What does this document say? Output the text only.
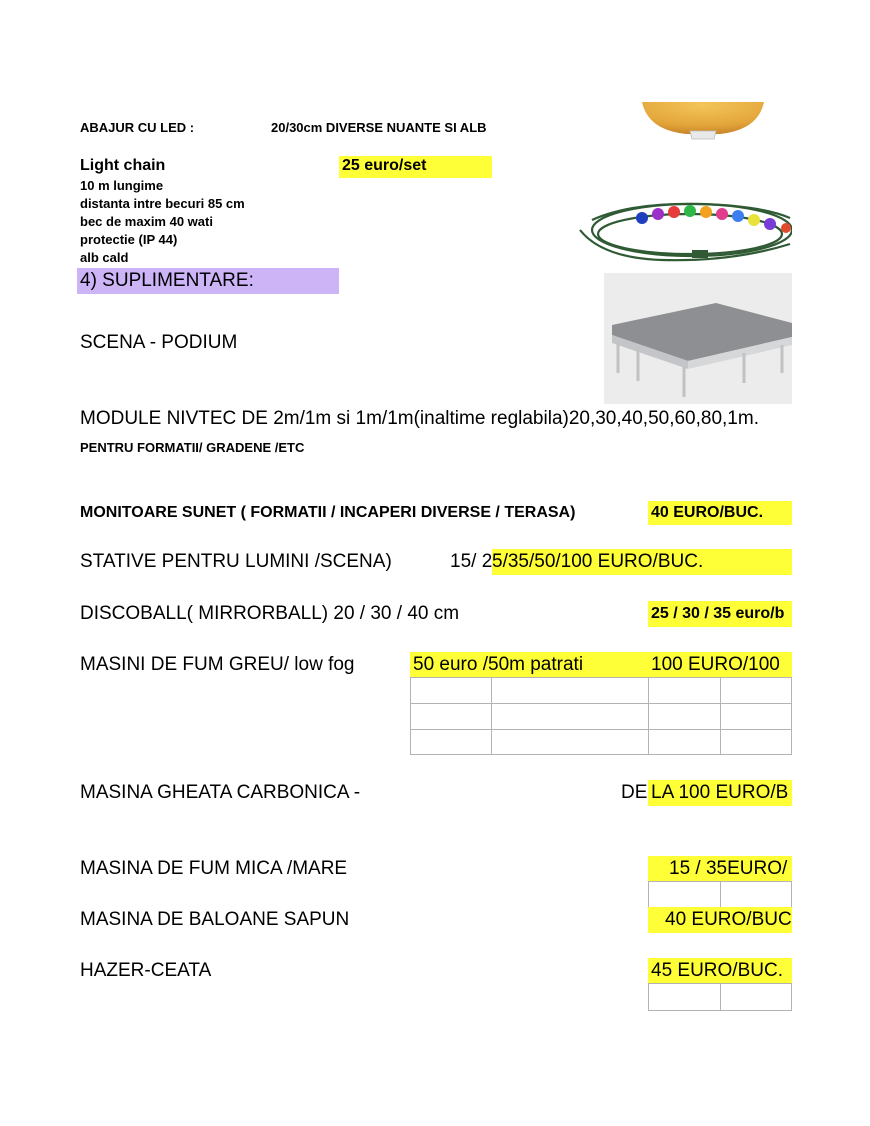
ABAJUR CU LED :	20/30cm DIVERSE NUANTE SI ALB
Light chain	25 euro/set
10 m lungime
distanta intre becuri 85 cm
bec de maxim 40 wati
protectie (IP 44)
alb cald
4) SUPLIMENTARE:
SCENA - PODIUM
MODULE NIVTEC DE 2m/1m si 1m/1m(inaltime reglabila)20,30,40,50,60,80,1m.
PENTRU FORMATII/ GRADENE /ETC
MONITOARE SUNET ( FORMATII / INCAPERI DIVERSE / TERASA)	40 EURO/BUC.
STATIVE PENTRU LUMINI /SCENA)	15/ 2 5/35/50/100 EURO/BUC.
DISCOBALL( MIRRORBALL) 20 / 30 / 40 cm	25 / 30 / 35 euro/b
MASINI DE FUM GREU/ low fog	50 euro /50m patrati	100 EURO/100
MASINA GHEATA CARBONICA -	DE LA 100 EURO/B
MASINA DE FUM MICA /MARE	15 / 35EURO/
MASINA DE BALOANE SAPUN	40 EURO/BUC
HAZER-CEATA	45 EURO/BUC.
